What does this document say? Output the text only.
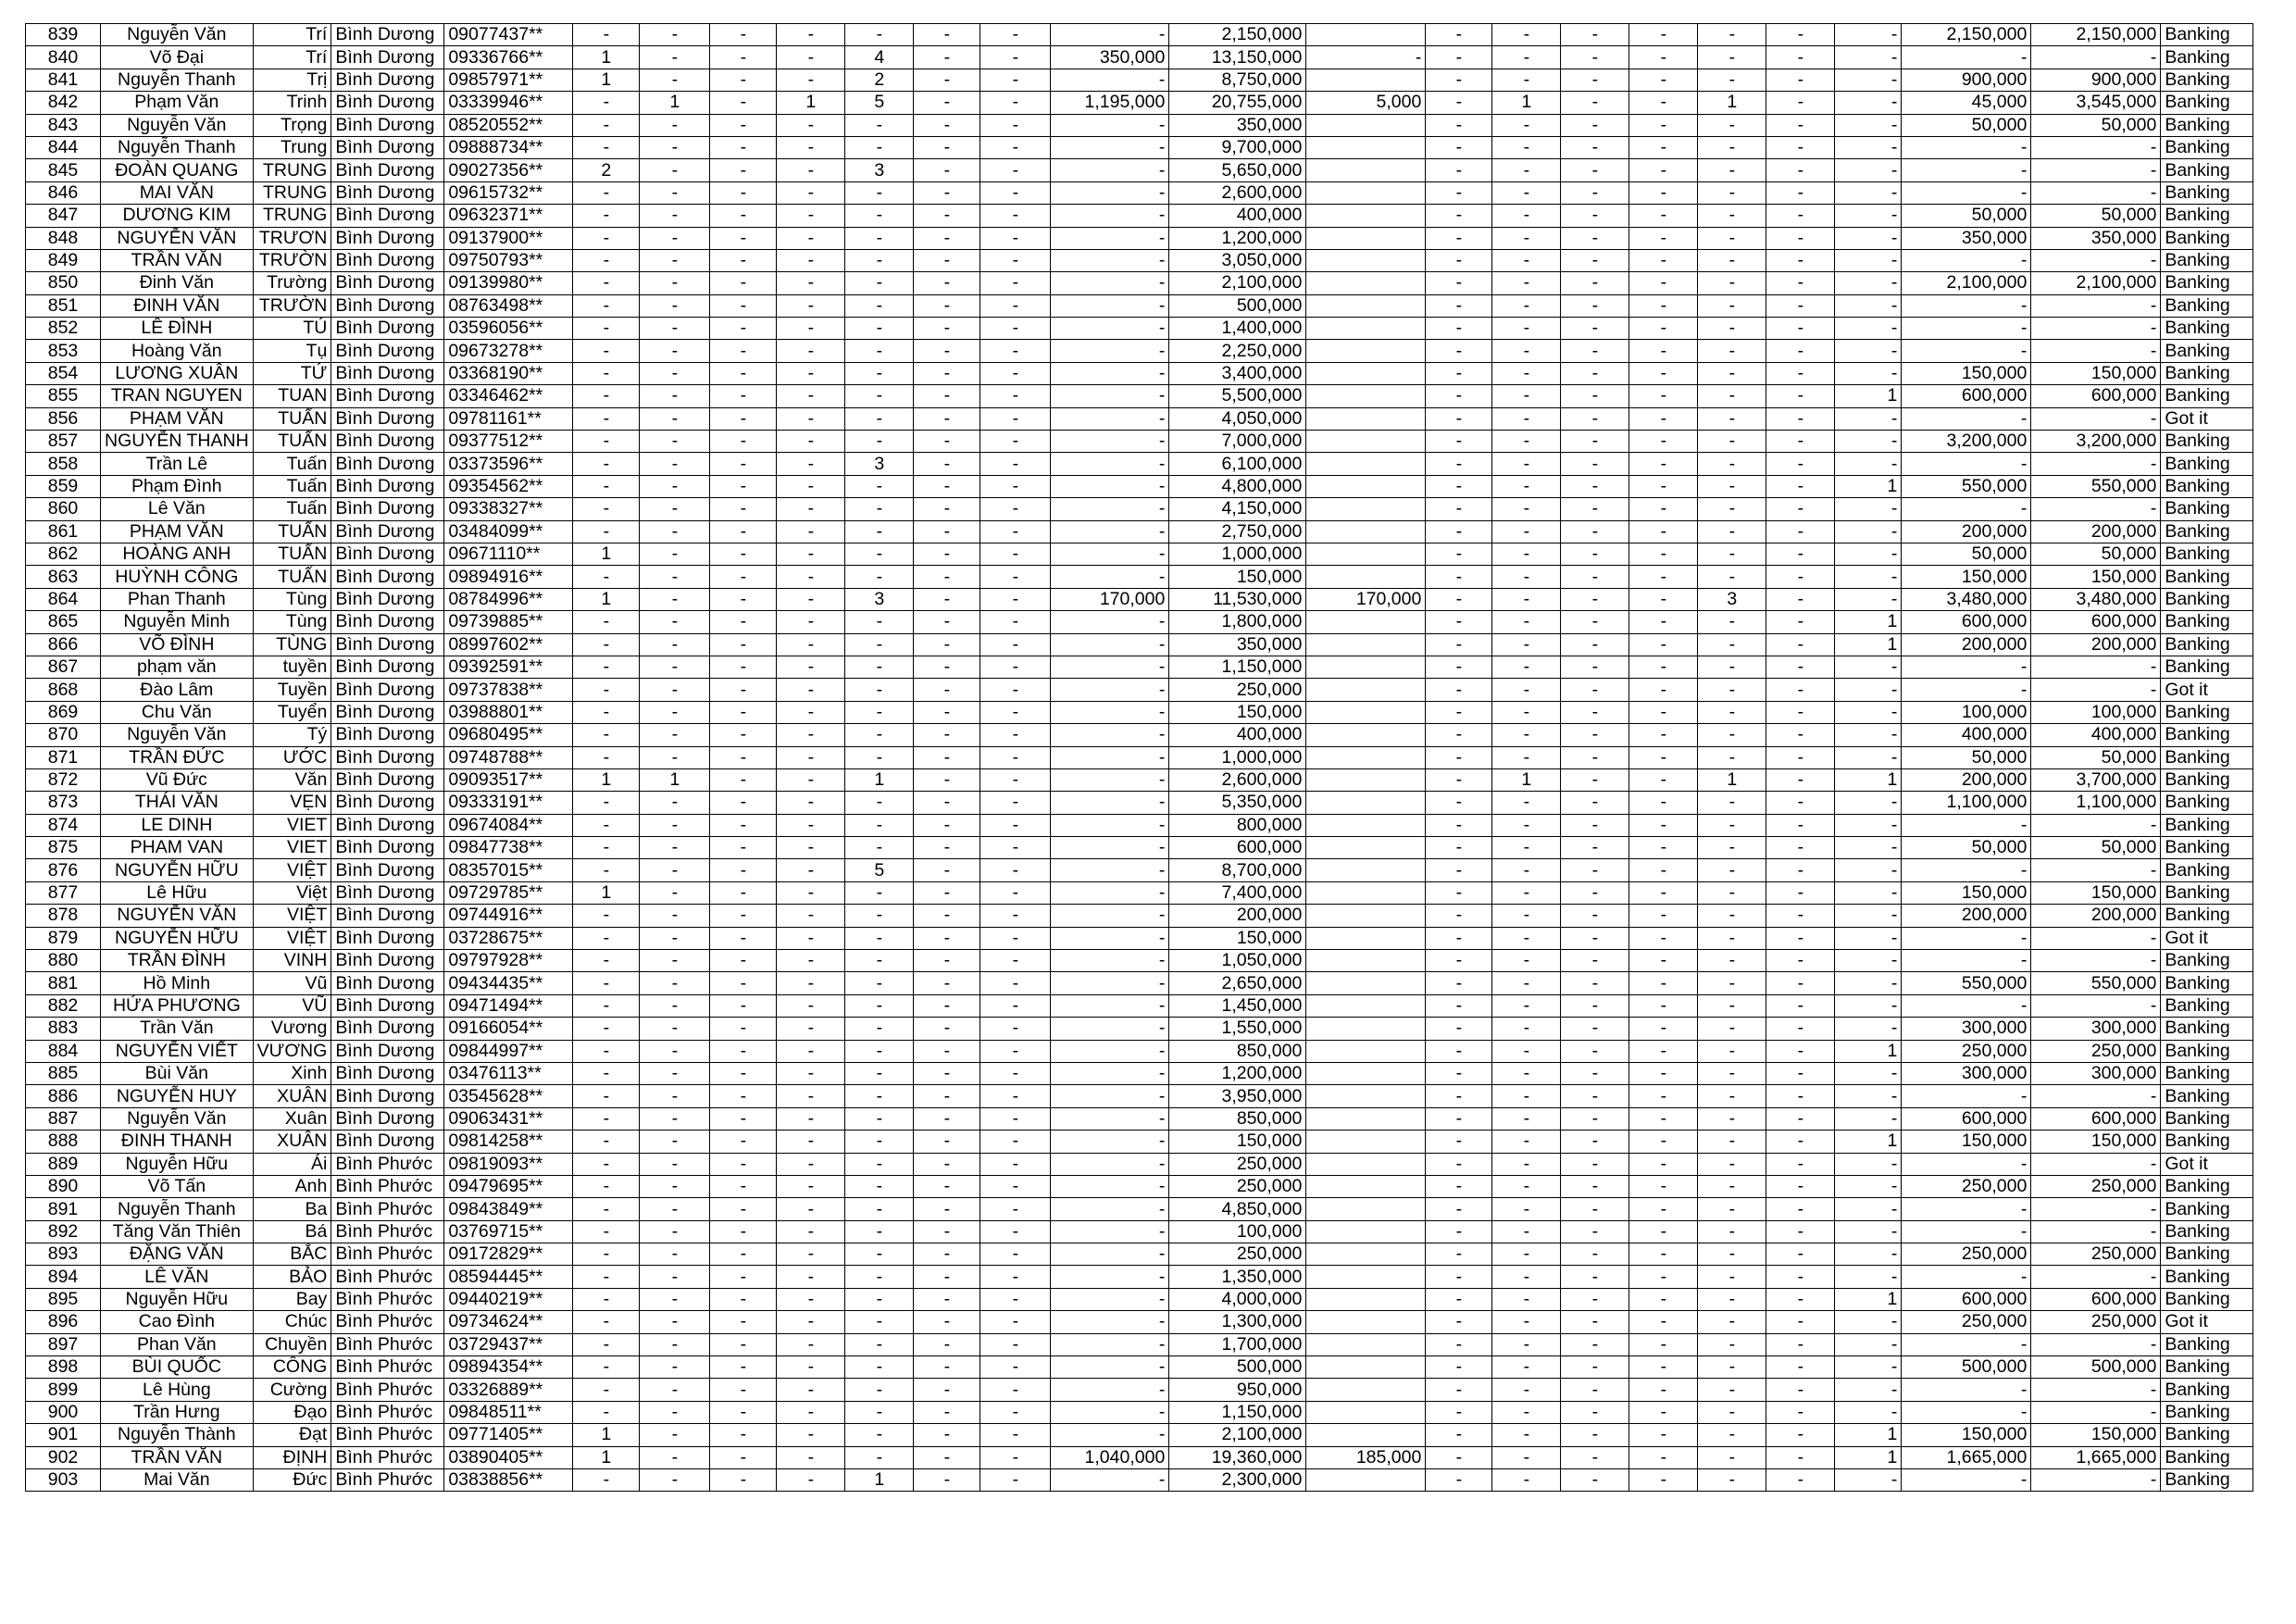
839	Nguyễn Văn	Trí	Bình Dương	09077437**	-	-	-	-	-	-	-	-	2,150,000		-	-	-	-	-	-	-	2,150,000	2,150,000	Banking
840	Võ Đại	Trí	Bình Dương	09336766**	1	-	-	-	4	-	-	350,000	13,150,000	-	-	-	-	-	-	-	-	-	-	Banking
841	Nguyễn Thanh	Trị	Bình Dương	09857971**	1	-	-	-	2	-	-	-	8,750,000		-	-	-	-	-	-	-	900,000	900,000	Banking
842	Phạm Văn	Trinh	Bình Dương	03339946**	-	1	-	1	5	-	-	1,195,000	20,755,000	5,000	-	1	-	-	1	-	-	45,000	3,545,000	Banking
843	Nguyễn Văn	Trọng	Bình Dương	08520552**	-	-	-	-	-	-	-	-	350,000		-	-	-	-	-	-	-	50,000	50,000	Banking
844	Nguyễn Thanh	Trung	Bình Dương	09888734**	-	-	-	-	-	-	-	-	9,700,000		-	-	-	-	-	-	-	-	-	Banking
845	ĐOÀN QUANG	TRUNG	Bình Dương	09027356**	2	-	-	-	3	-	-	-	5,650,000		-	-	-	-	-	-	-	-	-	Banking
846	MAI VĂN	TRUNG	Bình Dương	09615732**	-	-	-	-	-	-	-	-	2,600,000		-	-	-	-	-	-	-	-	-	Banking
847	DƯƠNG KIM	TRUNG	Bình Dương	09632371**	-	-	-	-	-	-	-	-	400,000		-	-	-	-	-	-	-	50,000	50,000	Banking
848	NGUYỄN VĂN	TRƯƠN	Bình Dương	09137900**	-	-	-	-	-	-	-	-	1,200,000		-	-	-	-	-	-	-	350,000	350,000	Banking
849	TRẦN VĂN	TRƯỜN	Bình Dương	09750793**	-	-	-	-	-	-	-	-	3,050,000		-	-	-	-	-	-	-	-	-	Banking
850	Đinh Văn	Trường	Bình Dương	09139980**	-	-	-	-	-	-	-	-	2,100,000		-	-	-	-	-	-	-	2,100,000	2,100,000	Banking
851	ĐINH VĂN	TRƯỜN	Bình Dương	08763498**	-	-	-	-	-	-	-	-	500,000		-	-	-	-	-	-	-	-	-	Banking
852	LÊ ĐÌNH	TÚ	Bình Dương	03596056**	-	-	-	-	-	-	-	-	1,400,000		-	-	-	-	-	-	-	-	-	Banking
853	Hoàng Văn	Tụ	Bình Dương	09673278**	-	-	-	-	-	-	-	-	2,250,000		-	-	-	-	-	-	-	-	-	Banking
854	LƯƠNG XUÂN	TỨ	Bình Dương	03368190**	-	-	-	-	-	-	-	-	3,400,000		-	-	-	-	-	-	-	150,000	150,000	Banking
855	TRAN NGUYEN	TUAN	Bình Dương	03346462**	-	-	-	-	-	-	-	-	5,500,000		-	-	-	-	-	-	1	600,000	600,000	Banking
856	PHẠM VĂN	TUẤN	Bình Dương	09781161**	-	-	-	-	-	-	-	-	4,050,000		-	-	-	-	-	-	-	-	-	Got it
857	NGUYỄN THANH	TUẤN	Bình Dương	09377512**	-	-	-	-	-	-	-	-	7,000,000		-	-	-	-	-	-	-	3,200,000	3,200,000	Banking
858	Trần Lê	Tuấn	Bình Dương	03373596**	-	-	-	-	3	-	-	-	6,100,000		-	-	-	-	-	-	-	-	-	Banking
859	Phạm Đình	Tuấn	Bình Dương	09354562**	-	-	-	-	-	-	-	-	4,800,000		-	-	-	-	-	-	1	550,000	550,000	Banking
860	Lê Văn	Tuấn	Bình Dương	09338327**	-	-	-	-	-	-	-	-	4,150,000		-	-	-	-	-	-	-	-	-	Banking
861	PHẠM VĂN	TUẤN	Bình Dương	03484099**	-	-	-	-	-	-	-	-	2,750,000		-	-	-	-	-	-	-	200,000	200,000	Banking
862	HOÀNG ANH	TUẤN	Bình Dương	09671110**	1	-	-	-	-	-	-	-	1,000,000		-	-	-	-	-	-	-	50,000	50,000	Banking
863	HUỲNH CÔNG	TUẤN	Bình Dương	09894916**	-	-	-	-	-	-	-	-	150,000		-	-	-	-	-	-	-	150,000	150,000	Banking
864	Phan Thanh	Tùng	Bình Dương	08784996**	1	-	-	-	3	-	-	170,000	11,530,000	170,000	-	-	-	-	3	-	-	3,480,000	3,480,000	Banking
865	Nguyễn Minh	Tùng	Bình Dương	09739885**	-	-	-	-	-	-	-	-	1,800,000		-	-	-	-	-	-	1	600,000	600,000	Banking
866	VÕ ĐÌNH	TÙNG	Bình Dương	08997602**	-	-	-	-	-	-	-	-	350,000		-	-	-	-	-	-	1	200,000	200,000	Banking
867	phạm văn	tuyền	Bình Dương	09392591**	-	-	-	-	-	-	-	-	1,150,000		-	-	-	-	-	-	-	-	-	Banking
868	Đào Lâm	Tuyền	Bình Dương	09737838**	-	-	-	-	-	-	-	-	250,000		-	-	-	-	-	-	-	-	-	Got it
869	Chu Văn	Tuyển	Bình Dương	03988801**	-	-	-	-	-	-	-	-	150,000		-	-	-	-	-	-	-	100,000	100,000	Banking
870	Nguyễn Văn	Tý	Bình Dương	09680495**	-	-	-	-	-	-	-	-	400,000		-	-	-	-	-	-	-	400,000	400,000	Banking
871	TRẦN ĐỨC	ƯỚC	Bình Dương	09748788**	-	-	-	-	-	-	-	-	1,000,000		-	-	-	-	-	-	-	50,000	50,000	Banking
872	Vũ Đức	Văn	Bình Dương	09093517**	1	1	-	-	1	-	-	-	2,600,000		-	1	-	-	1	-	1	200,000	3,700,000	Banking
873	THÁI VĂN	VẸN	Bình Dương	09333191**	-	-	-	-	-	-	-	-	5,350,000		-	-	-	-	-	-	-	1,100,000	1,100,000	Banking
874	LE DINH	VIET	Bình Dương	09674084**	-	-	-	-	-	-	-	-	800,000		-	-	-	-	-	-	-	-	-	Banking
875	PHAM VAN	VIET	Bình Dương	09847738**	-	-	-	-	-	-	-	-	600,000		-	-	-	-	-	-	-	50,000	50,000	Banking
876	NGUYỄN HỮU	VIỆT	Bình Dương	08357015**	-	-	-	-	5	-	-	-	8,700,000		-	-	-	-	-	-	-	-	-	Banking
877	Lê Hữu	Việt	Bình Dương	09729785**	1	-	-	-	-	-	-	-	7,400,000		-	-	-	-	-	-	-	150,000	150,000	Banking
878	NGUYỄN VĂN	VIỆT	Bình Dương	09744916**	-	-	-	-	-	-	-	-	200,000		-	-	-	-	-	-	-	200,000	200,000	Banking
879	NGUYỄN HỮU	VIỆT	Bình Dương	03728675**	-	-	-	-	-	-	-	-	150,000		-	-	-	-	-	-	-	-	-	Got it
880	TRẦN ĐÌNH	VINH	Bình Dương	09797928**	-	-	-	-	-	-	-	-	1,050,000		-	-	-	-	-	-	-	-	-	Banking
881	Hồ Minh	Vũ	Bình Dương	09434435**	-	-	-	-	-	-	-	-	2,650,000		-	-	-	-	-	-	-	550,000	550,000	Banking
882	HỨA PHƯƠNG	VŨ	Bình Dương	09471494**	-	-	-	-	-	-	-	-	1,450,000		-	-	-	-	-	-	-	-	-	Banking
883	Trần Văn	Vương	Bình Dương	09166054**	-	-	-	-	-	-	-	-	1,550,000		-	-	-	-	-	-	-	300,000	300,000	Banking
884	NGUYỄN VIẾT	VƯƠNG	Bình Dương	09844997**	-	-	-	-	-	-	-	-	850,000		-	-	-	-	-	-	1	250,000	250,000	Banking
885	Bùi Văn	Xinh	Bình Dương	03476113**	-	-	-	-	-	-	-	-	1,200,000		-	-	-	-	-	-	-	300,000	300,000	Banking
886	NGUYỄN HUY	XUÂN	Bình Dương	03545628**	-	-	-	-	-	-	-	-	3,950,000		-	-	-	-	-	-	-	-	-	Banking
887	Nguyễn Văn	Xuân	Bình Dương	09063431**	-	-	-	-	-	-	-	-	850,000		-	-	-	-	-	-	-	600,000	600,000	Banking
888	ĐINH THANH	XUÂN	Bình Dương	09814258**	-	-	-	-	-	-	-	-	150,000		-	-	-	-	-	-	1	150,000	150,000	Banking
889	Nguyễn Hữu	Ái	Bình Phước	09819093**	-	-	-	-	-	-	-	-	250,000		-	-	-	-	-	-	-	-	-	Got it
890	Võ Tấn	Anh	Bình Phước	09479695**	-	-	-	-	-	-	-	-	250,000		-	-	-	-	-	-	-	250,000	250,000	Banking
891	Nguyễn Thanh	Ba	Bình Phước	09843849**	-	-	-	-	-	-	-	-	4,850,000		-	-	-	-	-	-	-	-	-	Banking
892	Tăng Văn Thiên	Bá	Bình Phước	03769715**	-	-	-	-	-	-	-	-	100,000		-	-	-	-	-	-	-	-	-	Banking
893	ĐẶNG VĂN	BẮC	Bình Phước	09172829**	-	-	-	-	-	-	-	-	250,000		-	-	-	-	-	-	-	250,000	250,000	Banking
894	LÊ VĂN	BẢO	Bình Phước	08594445**	-	-	-	-	-	-	-	-	1,350,000		-	-	-	-	-	-	-	-	-	Banking
895	Nguyễn Hữu	Bay	Bình Phước	09440219**	-	-	-	-	-	-	-	-	4,000,000		-	-	-	-	-	-	1	600,000	600,000	Banking
896	Cao Đình	Chúc	Bình Phước	09734624**	-	-	-	-	-	-	-	-	1,300,000		-	-	-	-	-	-	-	250,000	250,000	Got it
897	Phan Văn	Chuyền	Bình Phước	03729437**	-	-	-	-	-	-	-	-	1,700,000		-	-	-	-	-	-	-	-	-	Banking
898	BÙI QUỐC	CÔNG	Bình Phước	09894354**	-	-	-	-	-	-	-	-	500,000		-	-	-	-	-	-	-	500,000	500,000	Banking
899	Lê Hùng	Cường	Bình Phước	03326889**	-	-	-	-	-	-	-	-	950,000		-	-	-	-	-	-	-	-	-	Banking
900	Trần Hưng	Đạo	Bình Phước	09848511**	-	-	-	-	-	-	-	-	1,150,000		-	-	-	-	-	-	-	-	-	Banking
901	Nguyễn Thành	Đạt	Bình Phước	09771405**	1	-	-	-	-	-	-	-	2,100,000		-	-	-	-	-	-	1	150,000	150,000	Banking
902	TRẦN VĂN	ĐỊNH	Bình Phước	03890405**	1	-	-	-	-	-	-	1,040,000	19,360,000	185,000	-	-	-	-	-	-	1	1,665,000	1,665,000	Banking
903	Mai Văn	Đức	Bình Phước	03838856**	-	-	-	-	1	-	-	-	2,300,000		-	-	-	-	-	-	-	-	-	Banking
